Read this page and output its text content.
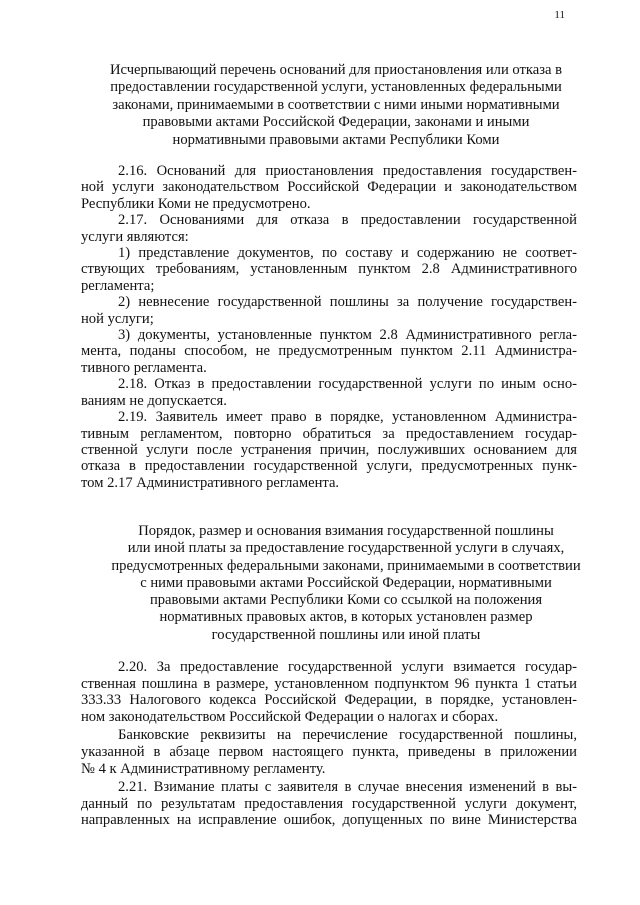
11
Исчерпывающий перечень оснований для приостановления или отказа в
предоставлении государственной услуги, установленных федеральными
законами, принимаемыми в соответствии с ними иными нормативными
правовыми актами Российской Федерации, законами и иными
нормативными правовыми актами Республики Коми

2.16. Оснований для приостановления предоставления государствен-
ной услуги законодательством Российской Федерации и законодательством
Республики Коми не предусмотрено.

2.17. Основаниями для отказа в предоставлении государственной
услуги являются:

1) представление документов, по составу и содержанию не соответ-
ствующих требованиям, установленным пунктом 2.8 Административного
регламента;

2) невнесение государственной пошлины за получение государствен-
ной услуги;

3) документы, установленные пунктом 2.8 Административного регла-
мента, поданы способом, не предусмотренным пунктом 2.11 Администра-
тивного регламента.

2.18. Отказ в предоставлении государственной услуги по иным осно-
ваниям не допускается.

2.19. Заявитель имеет право в порядке, установленном Администра-
тивным регламентом, повторно обратиться за предоставлением государ-
ственной услуги после устранения причин, послуживших основанием для
отказа в предоставлении государственной услуги, предусмотренных пунк-
том 2.17 Административного регламента.

Порядок, размер и основания взимания государственной пошлины
или иной платы за предоставление государственной услуги в случаях,
предусмотренных федеральными законами, принимаемыми в соответствии
с ними правовыми актами Российской Федерации, нормативными
правовыми актами Республики Коми со ссылкой на положения
нормативных правовых актов, в которых установлен размер
государственной пошлины или иной платы

2.20. За предоставление государственной услуги взимается государ-
ственная пошлина в размере, установленном подпунктом 96 пункта 1 статьи
333.33 Налогового кодекса Российской Федерации, в порядке, установлен-
ном законодательством Российской Федерации о налогах и сборах.

Банковские реквизиты на перечисление государственной пошлины,
указанной в абзаце первом настоящего пункта, приведены в приложении
№ 4 к Административному регламенту.

2.21. Взимание платы с заявителя в случае внесения изменений в вы-
данный по результатам предоставления государственной услуги документ,
направленных на исправление ошибок, допущенных по вине Министерства
